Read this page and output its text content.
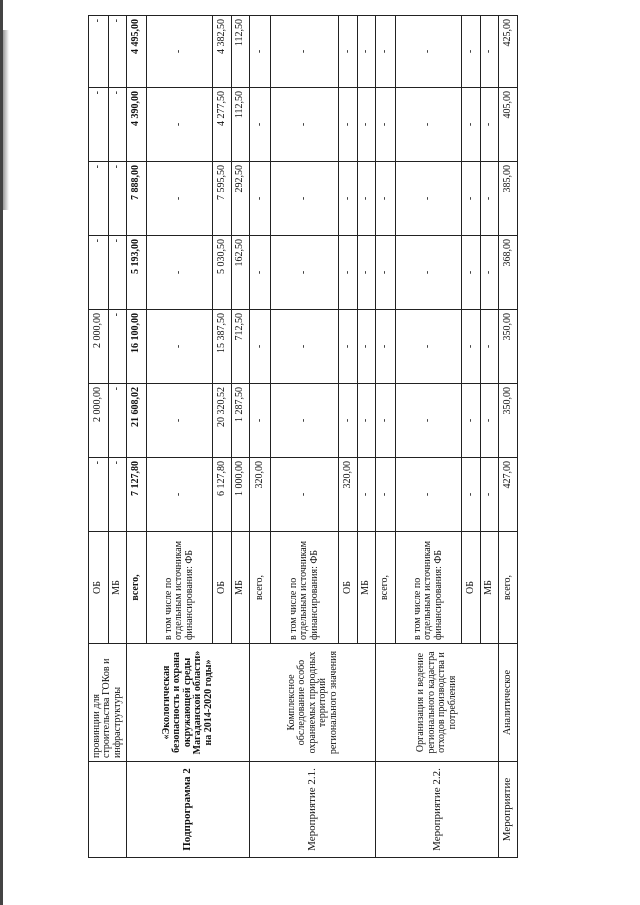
	провинции для строительства ГОКов и инфраструктуры	ОБ	-	2 000,00	2 000,00	-	-	-	-
		МБ	-	-	-	-	-	-	-
Подпрограмма 2	«Экологическая безопасность и охрана окружающей среды Магаданской области» на 2014-2020 годы»	всего,	7 127,80	21 608,02	16 100,00	5 193,00	7 888,00	4 390,00	4 495,00
		в том числе по отдельным источникам финансирования: ФБ	-	-	-	-	-	-	-
		ОБ	6 127,80	20 320,52	15 387,50	5 030,50	7 595,50	4 277,50	4 382,50
		МБ	1 000,00	1 287,50	712,50	162,50	292,50	112,50	112,50
Мероприятие 2.1.	Комплексное обследование особо охраняемых природных территорий регионального значения	всего,	320,00	-	-	-	-	-	-
		в том числе по отдельным источникам финансирования: ФБ	-	-	-	-	-	-	-
		ОБ	320,00	-	-	-	-	-	-
		МБ	-	-	-	-	-	-	-
Мероприятие 2.2.	Организация и ведение регионального кадастра отходов производства и потребления	всего,	-	-	-	-	-	-	-
		в том числе по отдельным источникам финансирования: ФБ	-	-	-	-	-	-	-
		ОБ	-	-	-	-	-	-	-
		МБ	-	-	-	-	-	-	-
Мероприятие	Аналитическое	всего,	427,00	350,00	350,00	368,00	385,00	405,00	425,00
